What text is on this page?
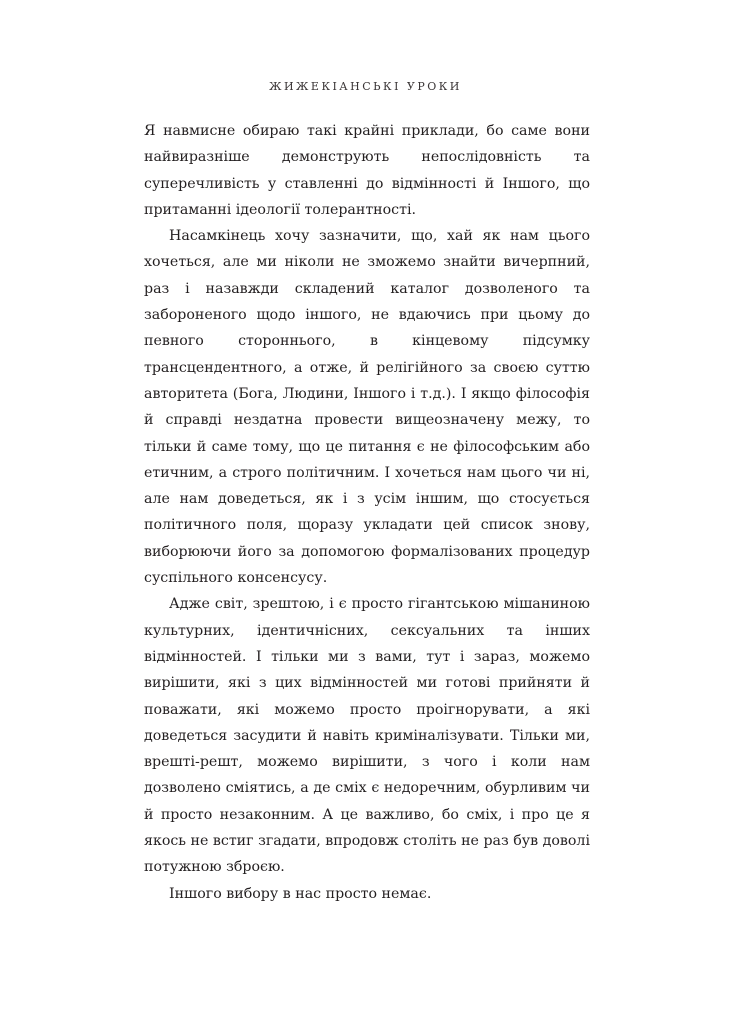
ЖИЖЕКІАНСЬКІ УРОКИ

Я навмисне обираю такі крайні приклади, бо саме вони найвиразніше демонструють непослідовність та суперечливість у ставленні до відмінності й Іншого, що притаманні ідеології толерантності.

Насамкінець хочу зазначити, що, хай як нам цього хочеться, але ми ніколи не зможемо знайти вичерпний, раз і назавжди складений каталог дозволеного та забороненого щодо іншого, не вдаючись при цьому до певного стороннього, в кінцевому підсумку трансцендентного, а отже, й релігійного за своєю суттю авторитета (Бога, Людини, Іншого і т.д.). І якщо філософія й справді нездатна провести вищеозначену межу, то тільки й саме тому, що це питання є не філософським або етичним, а строго політичним. І хочеться нам цього чи ні, але нам доведеться, як і з усім іншим, що стосується політичного поля, щоразу укладати цей список знову, виборюючи його за допомогою формалізованих процедур суспільного консенсусу.

Адже світ, зрештою, і є просто гігантською мішаниною культурних, ідентичнісних, сексуальних та інших відмінностей. І тільки ми з вами, тут і зараз, можемо вирішити, які з цих відмінностей ми готові прийняти й поважати, які можемо просто проігнорувати, а які доведеться засудити й навіть криміналізувати. Тільки ми, врешті-решт, можемо вирішити, з чого і коли нам дозволено сміятись, а де сміх є недоречним, обурливим чи й просто незаконним. А це важливо, бо сміх, і про це я якось не встиг згадати, впродовж століть не раз був доволі потужною зброєю.

Іншого вибору в нас просто немає.
